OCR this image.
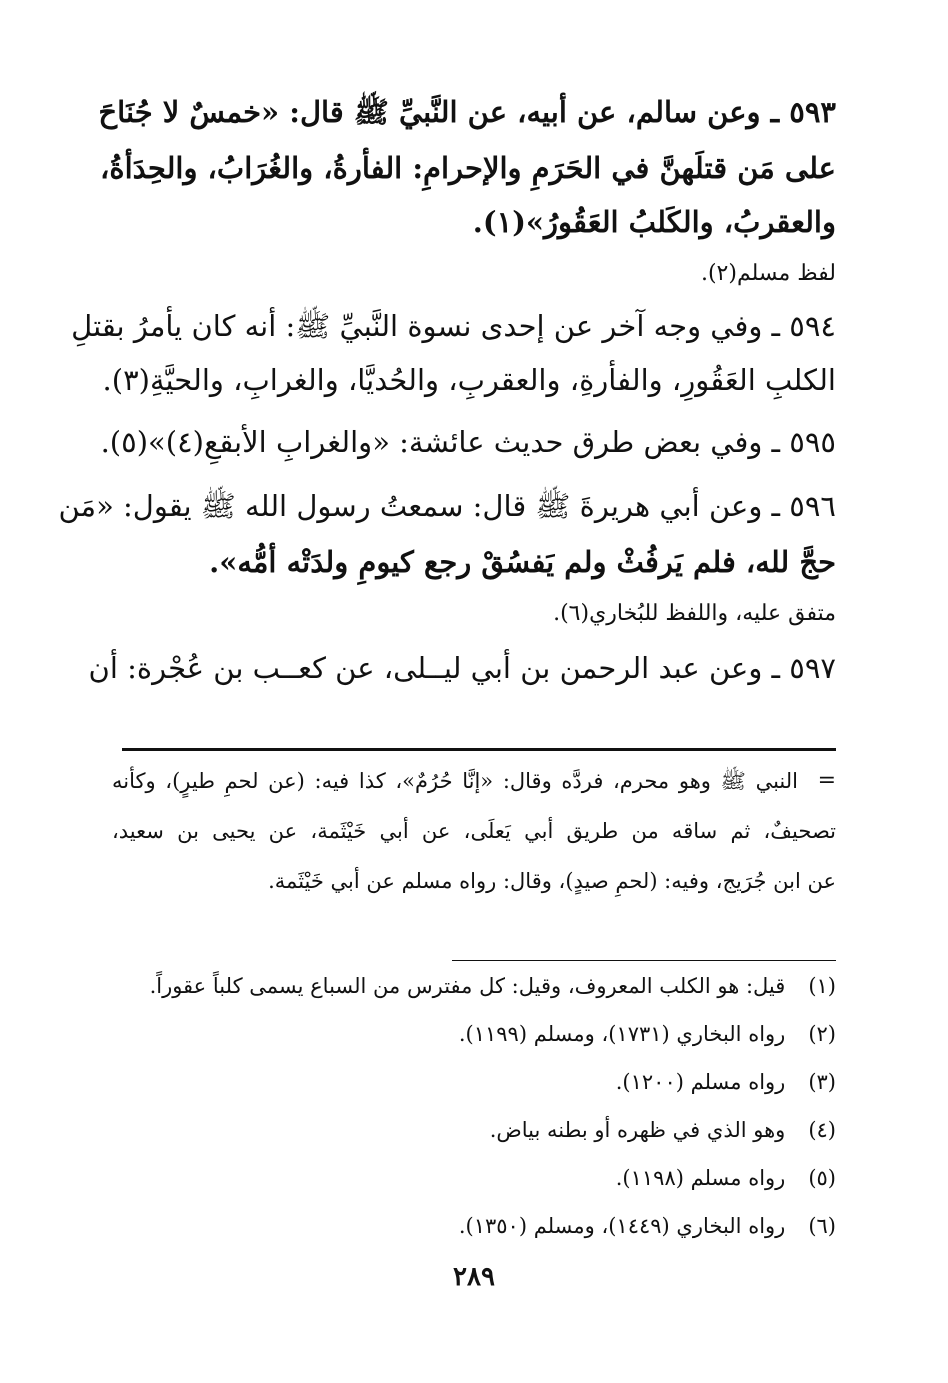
٥٩٣ ـ وعن سالم، عن أبيه، عن النَّبيِّ ﷺ قال: «خمسٌ لا جُنَاحَ
على مَن قتلَهنَّ في الحَرَمِ والإحرامِ: الفأرةُ، والغُرَابُ، والحِدَأةُ،
والعقربُ، والكَلبُ العَقُورُ»(١).
لفظ مسلم(٢).
٥٩٤ ـ وفي وجه آخر عن إحدى نسوة النَّبيِّ ﷺ: أنه كان يأمرُ بقتلِ
الكلبِ العَقُورِ، والفأرةِ، والعقربِ، والحُديَّا، والغرابِ، والحيَّةِ(٣).
٥٩٥ ـ وفي بعض طرق حديث عائشة: «والغرابِ الأبقعِ(٤)»(٥).
٥٩٦ ـ وعن أبي هريرةَ ﷺ قال: سمعتُ رسول الله ﷺ يقول: «مَن
حجَّ لله، فلم يَرفُثْ ولم يَفسُقْ رجع كيومِ ولدَتْه أمُّه».
متفق عليه، واللفظ للبُخاري(٦).
٥٩٧ ـ وعن عبد الرحمن بن أبي ليــلى، عن كعــب بن عُجْرة: أن
=
النبي ﷺ وهو محرم، فردَّه وقال: «إنَّا حُرُمٌ»، كذا فيه: (عن لحمِ طيرٍ)، وكأنه
تصحيفٌ، ثم ساقه من طريق أبي يَعلَى، عن أبي خَيْثَمة، عن يحيى بن سعيد،
عن ابن جُرَيج، وفيه: (لحمِ صيدٍ)، وقال: رواه مسلم عن أبي خَيْثَمة.
(١) قيل: هو الكلب المعروف، وقيل: كل مفترس من السباع يسمى كلباً عقوراً.
(٢) رواه البخاري (١٧٣١)، ومسلم (١١٩٩).
(٣) رواه مسلم (١٢٠٠).
(٤) وهو الذي في ظهره أو بطنه بياض.
(٥) رواه مسلم (١١٩٨).
(٦) رواه البخاري (١٤٤٩)، ومسلم (١٣٥٠).
٢٨٩
